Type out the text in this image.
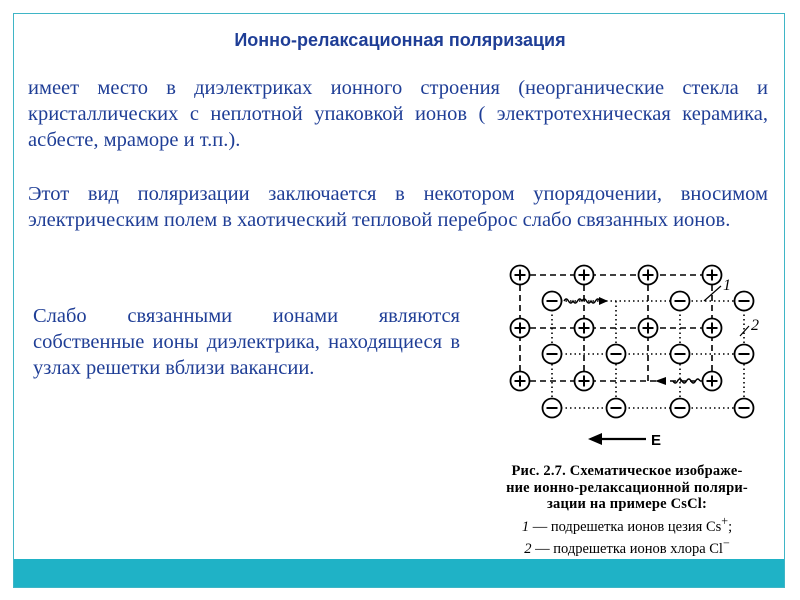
Ионно-релаксационная поляризация

имеет место в диэлектриках ионного строения (неорганические стекла и кристаллических с неплотной упаковкой ионов ( электротехническая керамика, асбесте, мраморе и т.п.).

Этот вид поляризации заключается в некотором упорядочении, вносимом электрическим полем в хаотический тепловой переброс слабо связанных ионов.

Слабо связанными ионами являются собственные ионы диэлектрика, находящиеся в узлах решетки вблизи вакансии.

1
2
E
Рис. 2.7. Схематическое изображе-
ние ионно-релаксационной поляри-
зации на примере CsCl:
1 — подрешетка ионов цезия Cs+;
2 — подрешетка ионов хлора Cl−
